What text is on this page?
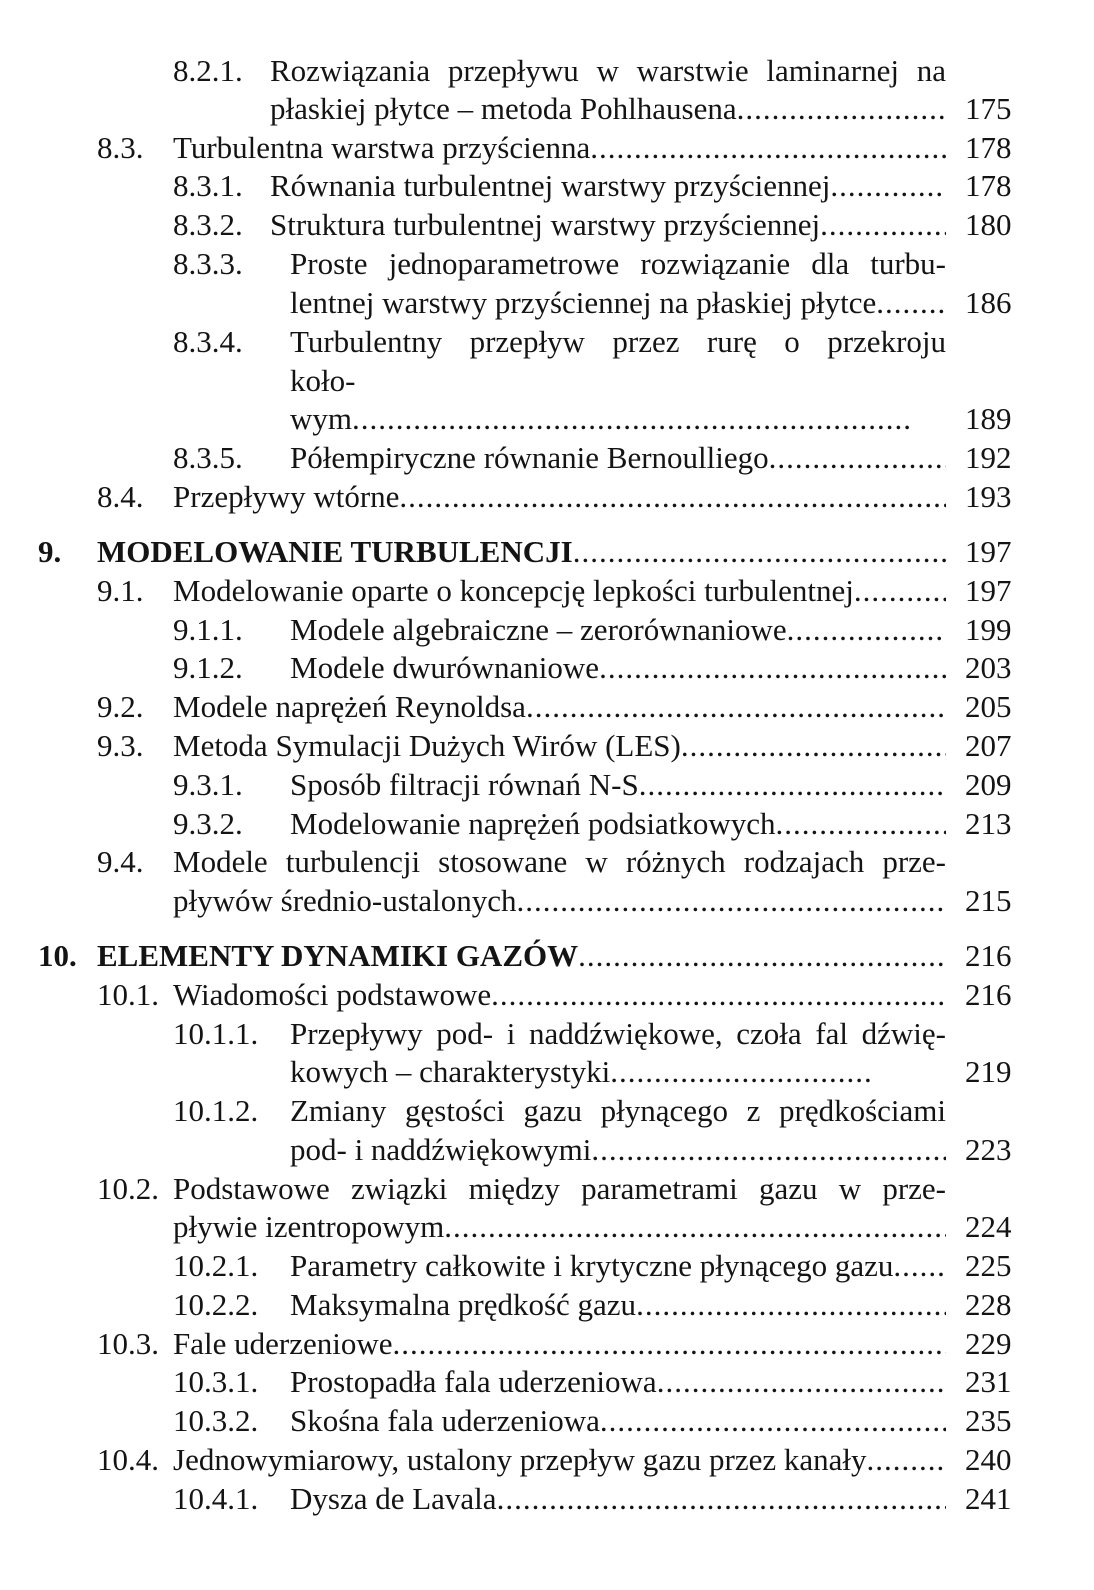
8.2.1. Rozwiązania przepływu w warstwie laminarnej na
płaskiej płytce – metoda Pohlhausena .....	175
8.3. Turbulentna warstwa przyścienna .....	178
8.3.1. Równania turbulentnej warstwy przyściennej .....	178
8.3.2. Struktura turbulentnej warstwy przyściennej .....	180
8.3.3. Proste jednoparametrowe rozwiązanie dla turbu-
lentnej warstwy przyściennej na płaskiej płytce .....	186
8.3.4. Turbulentny przepływ przez rurę o przekroju
koło-
wym .....	189
8.3.5. Półempiryczne równanie Bernoulliego .....	192
8.4. Przepływy wtórne .....	193
9. MODELOWANIE TURBULENCJI .....	197
9.1. Modelowanie oparte o koncepcję lepkości turbulentnej .....	197
9.1.1. Modele algebraiczne – zerorównaniowe .....	199
9.1.2. Modele dwurównaniowe .....	203
9.2. Modele naprężeń Reynoldsa .....	205
9.3. Metoda Symulacji Dużych Wirów (LES) .....	207
9.3.1. Sposób filtracji równań N-S .....	209
9.3.2. Modelowanie naprężeń podsiatkowych .....	213
9.4. Modele turbulencji stosowane w różnych rodzajach prze-
pływów średnio-ustalonych .....	215
10. ELEMENTY DYNAMIKI GAZÓW .....	216
10.1. Wiadomości podstawowe .....	216
10.1.1. Przepływy pod- i naddźwiękowe, czoła fal dźwię-
kowych – charakterystyki .....	219
10.1.2. Zmiany gęstości gazu płynącego z prędkościami
pod- i naddźwiękowymi .....	223
10.2. Podstawowe związki między parametrami gazu w prze-
pływie izentropowym .....	224
10.2.1. Parametry całkowite i krytyczne płynącego gazu ..... 225
10.2.2. Maksymalna prędkość gazu .....	228
10.3. Fale uderzeniowe .....	229
10.3.1. Prostopadła fala uderzeniowa .....	231
10.3.2. Skośna fala uderzeniowa .....	235
10.4. Jednowymiarowy, ustalony przepływ gazu przez kanały .....	240
10.4.1. Dysza de Lavala .....	241
